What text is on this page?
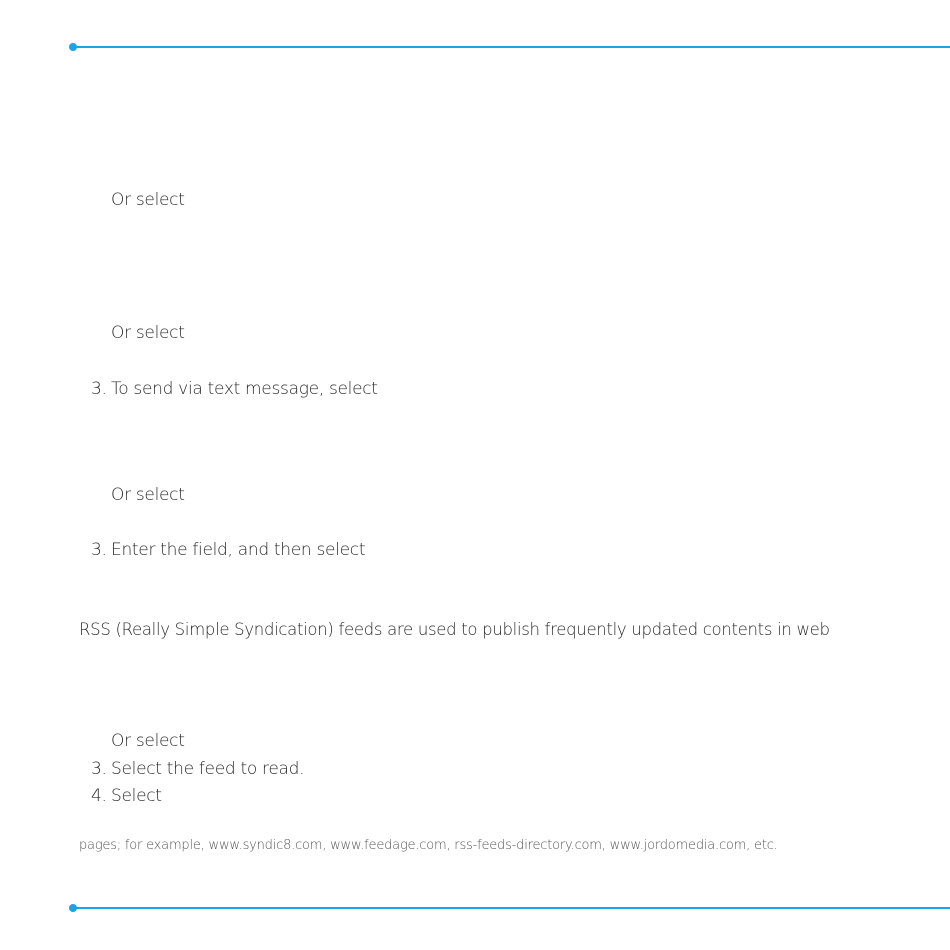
Or select
Or select
3. To send via text message, select
Or select
3. Enter the field, and then select
RSS (Really Simple Syndication) feeds are used to publish frequently updated contents in web
Or select
3. Select the feed to read.
4. Select
pages; for example, www.syndic8.com, www.feedage.com, rss-feeds-directory.com, www.jordomedia.com, etc.
